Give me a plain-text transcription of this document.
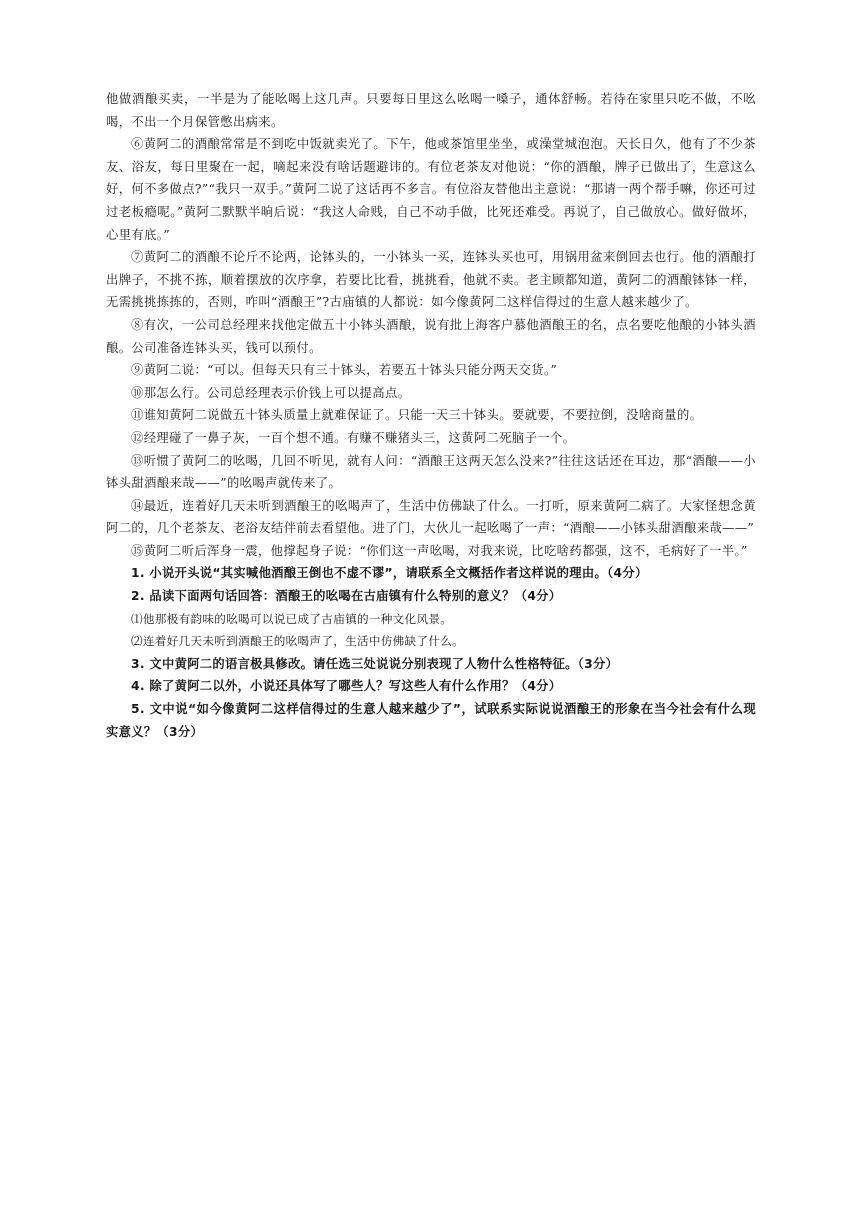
他做酒酿买卖，一半是为了能吆喝上这几声。只要每日里这么吆喝一嗓子，通体舒畅。若待在家里只吃不做，不吆喝，不出一个月保管憋出病来。

⑥黄阿二的酒酿常常是不到吃中饭就卖光了。下午，他或茶馆里坐坐，或澡堂城泡泡。天长日久，他有了不少茶友、浴友，每日里聚在一起，嘀起来没有啥话题避讳的。有位老茶友对他说：“你的酒酿，牌子已做出了，生意这么好，何不多做点?”“我只一双手。”黄阿二说了这话再不多言。有位浴友替他出主意说：“那请一两个帮手嘛，你还可过过老板瘾呢。”黄阿二默默半晌后说：“我这人命贱，自己不动手做，比死还难受。再说了，自己做放心。做好做坏，心里有底。”

⑦黄阿二的酒酿不论斤不论两，论钵头的，一小钵头一买，连钵头买也可，用锅用盆来倒回去也行。他的酒酿打出牌子，不挑不拣，顺着摆放的次序拿，若要比比看，挑挑看，他就不卖。老主顾都知道，黄阿二的酒酿钵钵一样，无需挑挑拣拣的，否则，咋叫“酒酿王”?古庙镇的人都说：如今像黄阿二这样信得过的生意人越来越少了。

⑧有次，一公司总经理来找他定做五十小钵头酒酿，说有批上海客户慕他酒酿王的名，点名要吃他酿的小钵头酒酿。公司准备连钵头买，钱可以预付。

⑨黄阿二说：“可以。但每天只有三十钵头，若要五十钵头只能分两天交货。”

⑩那怎么行。公司总经理表示价钱上可以提高点。

⑪谁知黄阿二说做五十钵头质量上就难保证了。只能一天三十钵头。要就要，不要拉倒，没啥商量的。

⑫经理碰了一鼻子灰，一百个想不通。有赚不赚猪头三，这黄阿二死脑子一个。

⑬听惯了黄阿二的吆喝，几回不听见，就有人问：“酒酿王这两天怎么没来?”往往这话还在耳边，那“酒酿——小钵头甜酒酿来哉——”的吆喝声就传来了。

⑭最近，连着好几天未听到酒酿王的吆喝声了，生活中仿佛缺了什么。一打听，原来黄阿二病了。大家怪想念黄阿二的，几个老茶友、老浴友结伴前去看望他。进了门，大伙儿一起吆喝了一声：“酒酿——小钵头甜酒酿来哉——”

⑮黄阿二听后浑身一震，他撑起身子说：“你们这一声吆喝，对我来说，比吃啥药都强，这不，毛病好了一半。”

1. 小说开头说“其实喊他酒酿王倒也不虚不谬”，请联系全文概括作者这样说的理由。（4分）

2. 品读下面两句话回答：酒酿王的吆喝在古庙镇有什么特别的意义？（4分）

⑴他那极有韵味的吆喝可以说已成了古庙镇的一种文化风景。

⑵连着好几天未听到酒酿王的吆喝声了，生活中仿佛缺了什么。

3. 文中黄阿二的语言极具修改。请任选三处说说分别表现了人物什么性格特征。（3分）

4. 除了黄阿二以外，小说还具体写了哪些人？写这些人有什么作用？（4分）

5. 文中说“如今像黄阿二这样信得过的生意人越来越少了”，试联系实际说说酒酿王的形象在当今社会有什么现实意义？（3分）
